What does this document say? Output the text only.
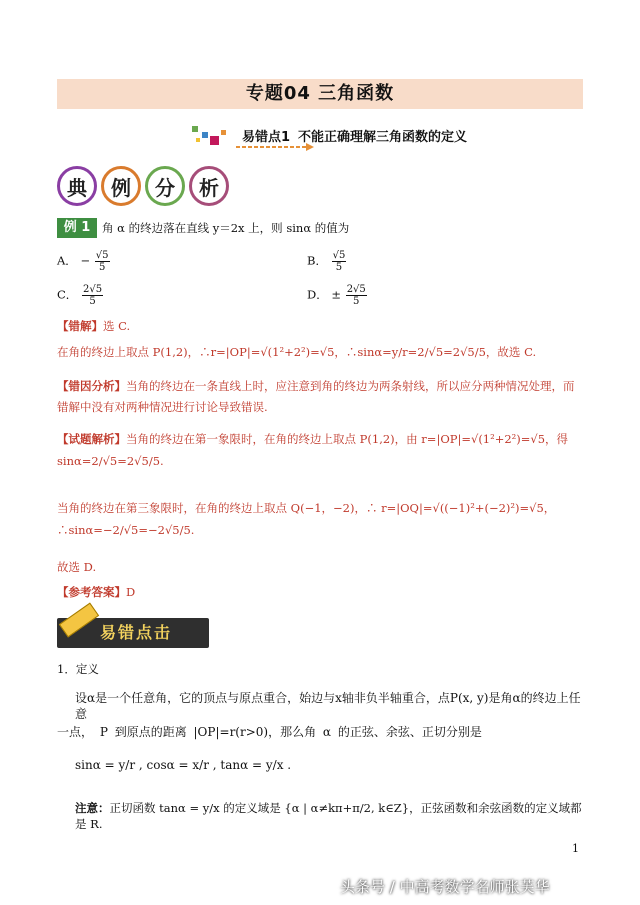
专题04 三角函数
易错点1 不能正确理解三角函数的定义
典	例	分	析
例 1	角 α 的终边落在直线 y＝2x 上，则 sinα 的值为
A． − $\frac{√5}{5}$	B． $\frac{√5}{5}$
C． $\frac{2√5}{5}$	D． ± $\frac{2√5}{5}$
【错解】选 C.
在角的终边上取点 P(1,2)，∴r=|OP|=√(1²+2²)=√5，∴sinα=y/r=2/√5=2√5/5，故选 C.
【错因分析】当角的终边在一条直线上时，应注意到角的终边为两条射线，所以应分两种情况处理，而错解中没有对两种情况进行讨论导致错误.
【试题解析】当角的终边在第一象限时，在角的终边上取点 P(1,2)，由 r=|OP|=√(1²+2²)=√5，得 sinα=2/√5=2√5/5.
当角的终边在第三象限时，在角的终边上取点 Q(−1，−2)，∴ r=|OQ|=√((−1)²+(−2)²)=√5，∴sinα=−2/√5=−2√5/5.
故选 D.
【参考答案】D
易错点击
1．定义
设α是一个任意角，它的顶点与原点重合，始边与x轴非负半轴重合，点P(x, y)是角α的终边上任意
一点， P 到原点的距离 |OP|=r(r>0)，那么角 α 的正弦、余弦、正切分别是
sinα = y/r , cosα = x/r , tanα = y/x .
注意：正切函数 tanα = y/x 的定义域是 {α | α≠kπ+π/2, k∈Z}，正弦函数和余弦函数的定义域都是 R.
1
头条号 / 中高考数学名师张芙华
